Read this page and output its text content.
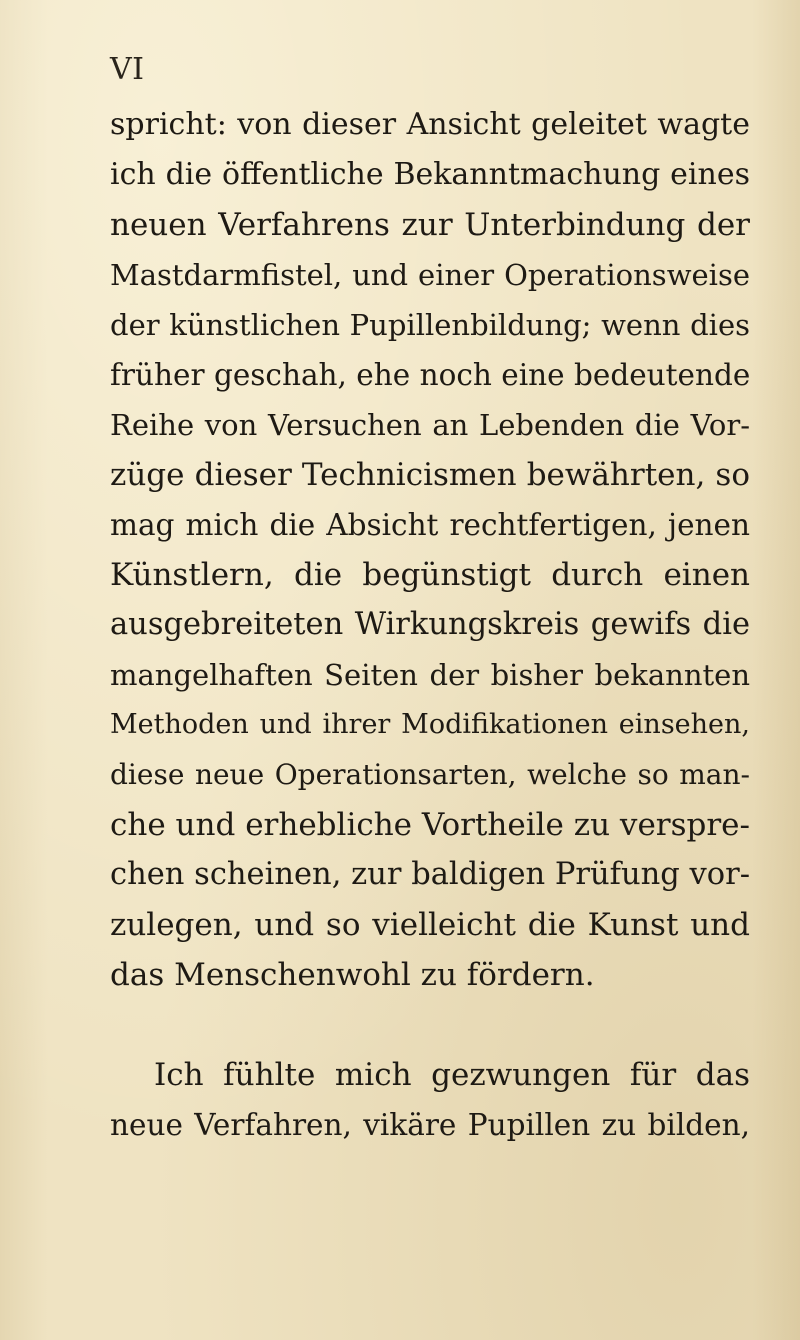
VI
spricht: von dieser Ansicht geleitet wagte
ich die öffentliche Bekanntmachung eines
neuen Verfahrens zur Unterbindung der
Mastdarmfistel, und einer Operationsweise
der künstlichen Pupillenbildung; wenn dies
früher geschah, ehe noch eine bedeutende
Reihe von Versuchen an Lebenden die Vor-
züge dieser Technicismen bewährten, so
mag mich die Absicht rechtfertigen, jenen
Künstlern, die begünstigt durch einen
ausgebreiteten Wirkungskreis gewifs die
mangelhaften Seiten der bisher bekannten
Methoden und ihrer Modifikationen einsehen,
diese neue Operationsarten, welche so man-
che und erhebliche Vortheile zu verspre-
chen scheinen, zur baldigen Prüfung vor-
zulegen, und so vielleicht die Kunst und
das Menschenwohl zu fördern.
Ich fühlte mich gezwungen für das
neue Verfahren, vikäre Pupillen zu bilden,
